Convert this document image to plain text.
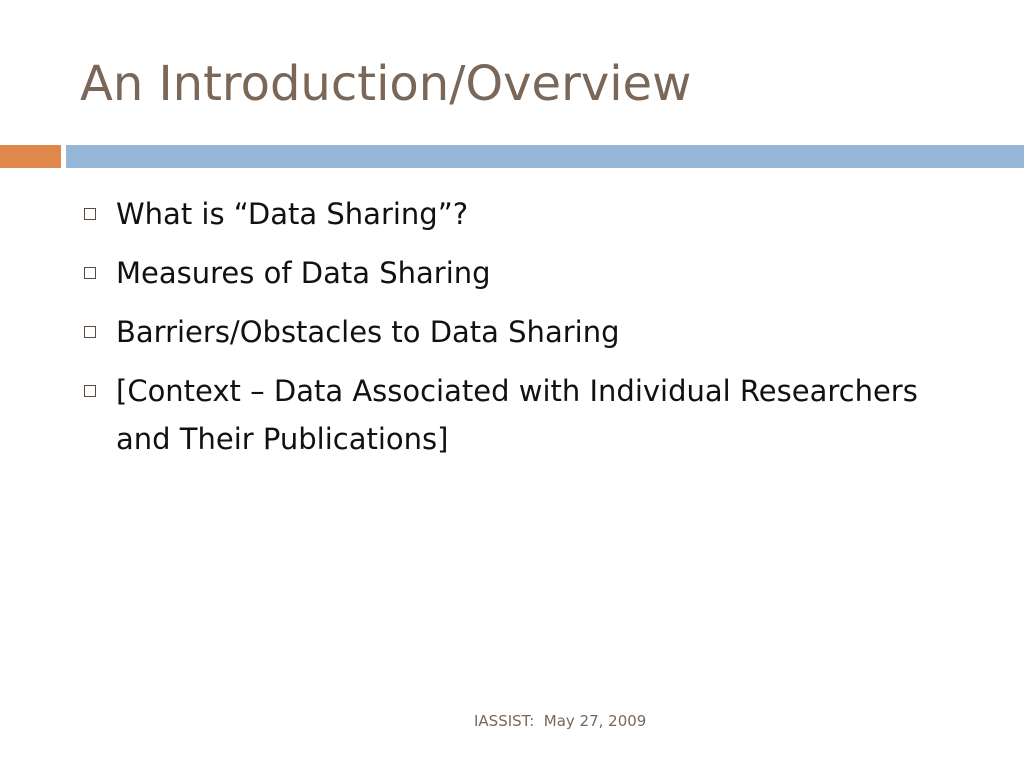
An Introduction/Overview
What is “Data Sharing”?
Measures of Data Sharing
Barriers/Obstacles to Data Sharing
[Context – Data Associated with Individual Researchers and Their Publications]
IASSIST:  May 27, 2009
